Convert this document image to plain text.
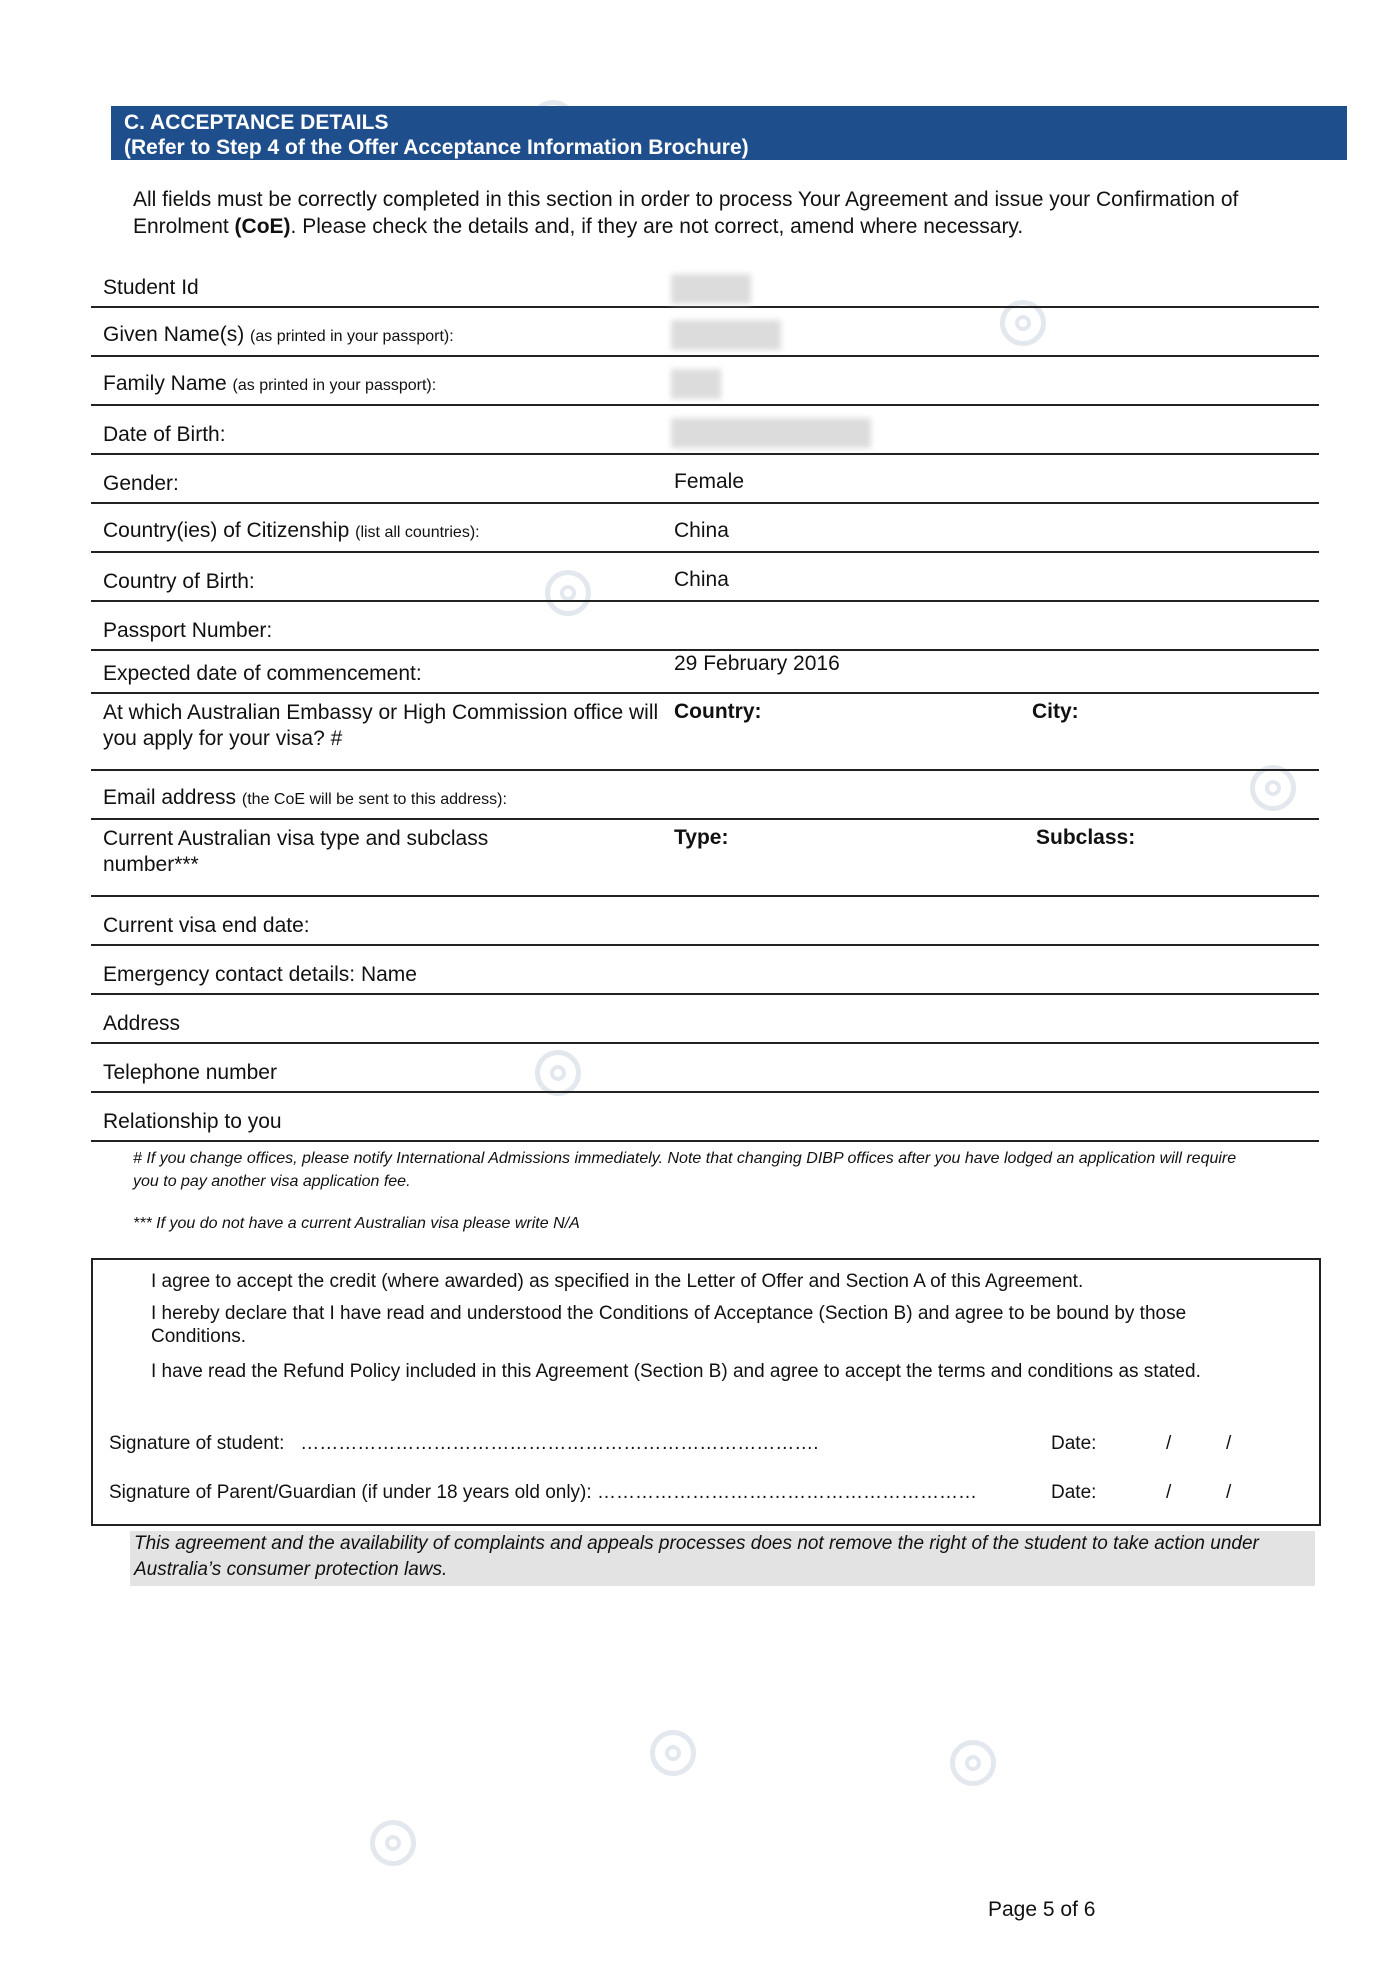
C. ACCEPTANCE DETAILS
(Refer to Step 4 of the Offer Acceptance Information Brochure)
All fields must be correctly completed in this section in order to process Your Agreement and issue your Confirmation of Enrolment (CoE). Please check the details and, if they are not correct, amend where necessary.
Student Id
Given Name(s) (as printed in your passport):
Family Name (as printed in your passport):
Date of Birth:
Gender:	Female
Country(ies) of Citizenship (list all countries):	China
Country of Birth:	China
Passport Number:
Expected date of commencement:	29 February 2016
At which Australian Embassy or High Commission office will you apply for your visa? #
Country:	City:
Email address (the CoE will be sent to this address):
Current Australian visa type and subclass number***
Type:	Subclass:
Current visa end date:
Emergency contact details: Name
Address
Telephone number
Relationship to you

# If you change offices, please notify International Admissions immediately. Note that changing DIBP offices after you have lodged an application will require you to pay another visa application fee.

*** If you do not have a current Australian visa please write N/A

I agree to accept the credit (where awarded) as specified in the Letter of Offer and Section A of this Agreement.
I hereby declare that I have read and understood the Conditions of Acceptance (Section B) and agree to be bound by those Conditions.
I have read the Refund Policy included in this Agreement (Section B) and agree to accept the terms and conditions as stated.
Signature of student: ……………………………………………………………………….	Date:	/	/
Signature of Parent/Guardian (if under 18 years old only): ……………………………………………………	Date:	/	/
This agreement and the availability of complaints and appeals processes does not remove the right of the student to take action under Australia’s consumer protection laws.
Page 5 of 6
